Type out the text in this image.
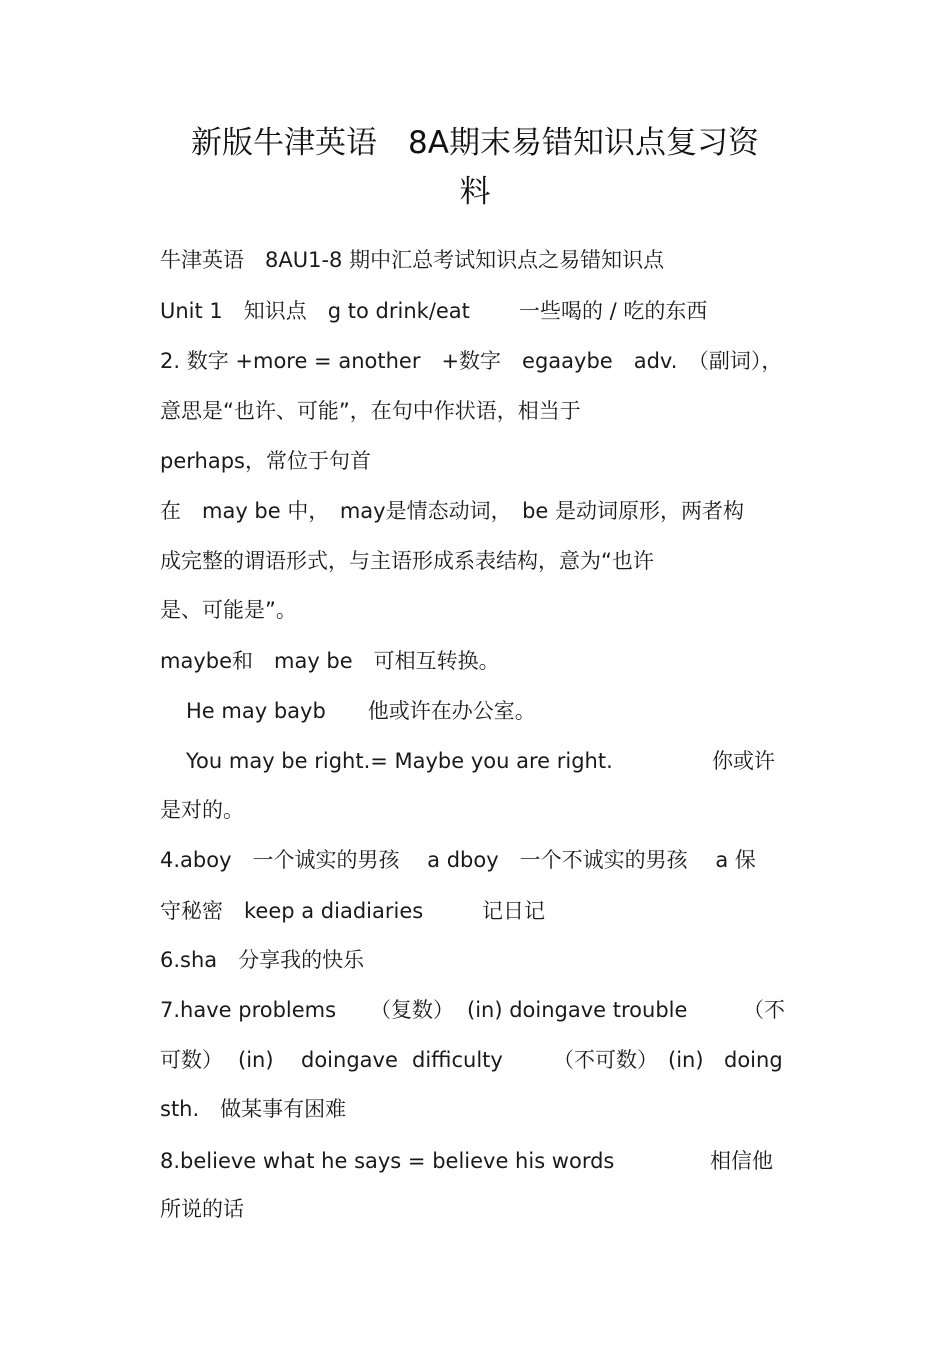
新版牛津英语　8A期末易错知识点复习资
料
牛津英语　8AU1-8 期中汇总考试知识点之易错知识点
Unit 1　知识点　g to drink/eat 一些喝的 / 吃的东西
2. 数字 +more = another　+数字　egaaybe　adv.　（副词），
意思是“也许、可能”，在句中作状语，相当于
perhaps，常位于句首
在　may be 中，　may是情态动词，　be 是动词原形，两者构
成完整的谓语形式，与主语形成系表结构，意为“也许
是、可能是”。
maybe和　may be　可相互转换。
He may bayb　　他或许在办公室。
You may be right.= Maybe you are right.	你或许
是对的。
4.aboy　一个诚实的男孩　 a dboy　一个不诚实的男孩　 a 保
守秘密　keep a diadiaries	记日记
6.sha　分享我的快乐
7.have problems （复数） (in) doingave trouble	（不
可数） (in) doingave difficulty （不可数） (in) doing
sth.　做某事有困难
8.believe what he says = believe his words	相信他
所说的话
